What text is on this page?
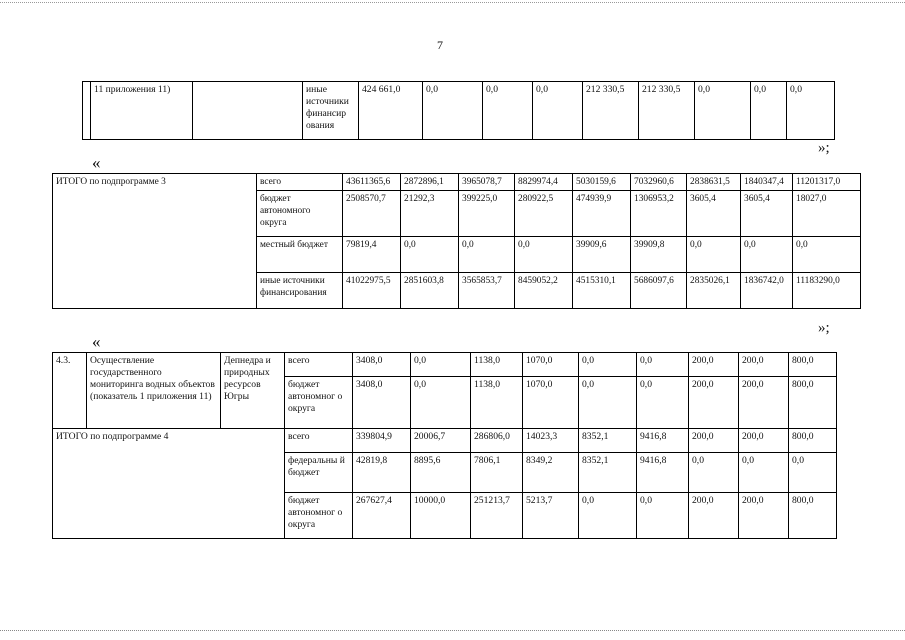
7
	11 приложения 11)		иные источники финансир ования	424 661,0	0,0	0,0	0,0	212 330,5	212 330,5	0,0	0,0	0,0
«
»;
ИТОГО по подпрограмме 3	всего	43611365,6	2872896,1	3965078,7	8829974,4	5030159,6	7032960,6	2838631,5	1840347,4	11201317,0
	бюджет автономного округа	2508570,7	21292,3	399225,0	280922,5	474939,9	1306953,2	3605,4	3605,4	18027,0
	местный бюджет	79819,4	0,0	0,0	0,0	39909,6	39909,8	0,0	0,0	0,0
	иные источники финансирования	41022975,5	2851603,8	3565853,7	8459052,2	4515310,1	5686097,6	2835026,1	1836742,0	11183290,0
«
»;
4.3.	Осуществление государственного мониторинга водных объектов (показатель 1 приложения 11)	Депнедра и природных ресурсов Югры	всего	3408,0	0,0	1138,0	1070,0	0,0	0,0	200,0	200,0	800,0
			бюджет автономног о округа	3408,0	0,0	1138,0	1070,0	0,0	0,0	200,0	200,0	800,0
ИТОГО по подпрограмме 4			всего	339804,9	20006,7	286806,0	14023,3	8352,1	9416,8	200,0	200,0	800,0
			федеральны й бюджет	42819,8	8895,6	7806,1	8349,2	8352,1	9416,8	0,0	0,0	0,0
			бюджет автономног о округа	267627,4	10000,0	251213,7	5213,7	0,0	0,0	200,0	200,0	800,0
